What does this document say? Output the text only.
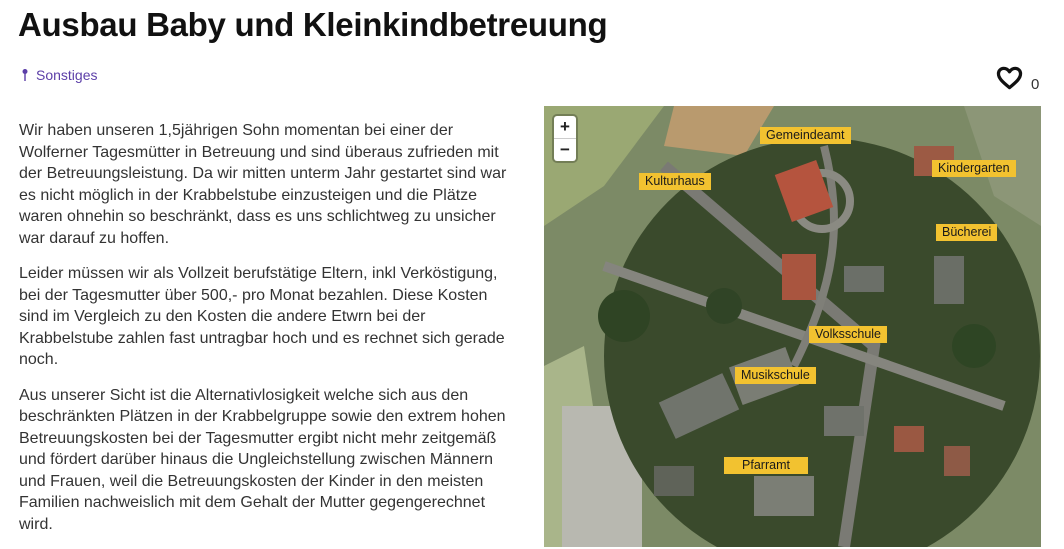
Ausbau Baby und Kleinkindbetreuung
Sonstiges
0

Wir haben unseren 1,5jährigen Sohn momentan bei einer der Wolferner Tagesmütter in Betreuung und sind überaus zufrieden mit der Betreuungsleistung. Da wir mitten unterm Jahr gestartet sind war es nicht möglich in der Krabbelstube einzusteigen und die Plätze waren ohnehin so beschränkt, dass es uns schlichtweg zu unsicher war darauf zu hoffen.

Leider müssen wir als Vollzeit berufstätige Eltern, inkl Verköstigung, bei der Tagesmutter über 500,- pro Monat bezahlen. Diese Kosten sind im Vergleich zu den Kosten die andere Etwrn bei der Krabbelstube zahlen fast untragbar hoch und es rechnet sich gerade noch.

Aus unserer Sicht ist die Alternativlosigkeit welche sich aus den beschränkten Plätzen in der Krabbelgruppe sowie den extrem hohen Betreuungskosten bei der Tagesmutter ergibt nicht mehr zeitgemäß und fördert darüber hinaus die Ungleichstellung zwischen Männern und Frauen, weil die Betreuungskosten der Kinder in den meisten Familien nachweislich mit dem Gehalt der Mutter gegengerechnet wird.

+
−
Gemeindeamt
Kindergarten
Kulturhaus
Bücherei
Volksschule
Musikschule
Pfarramt
